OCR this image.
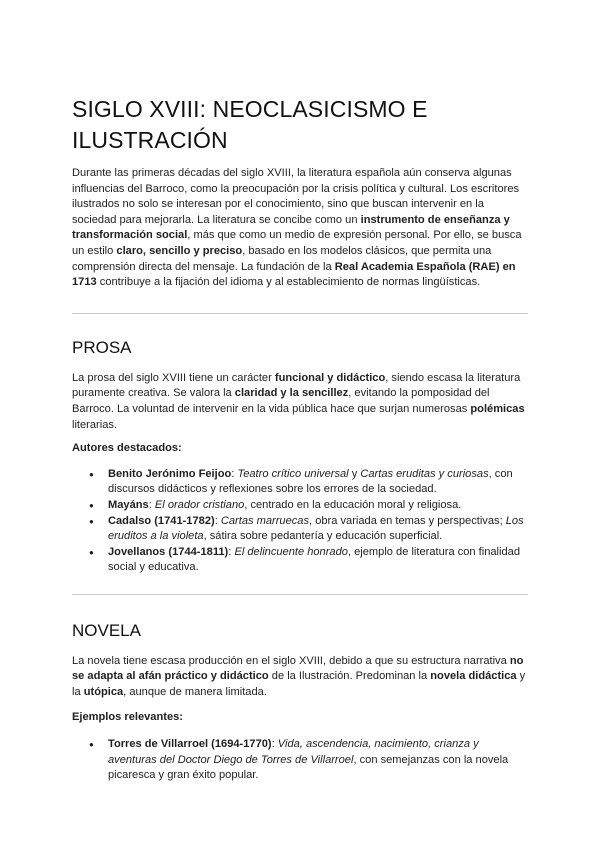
SIGLO XVIII: NEOCLASICISMO E
ILUSTRACIÓN

Durante las primeras décadas del siglo XVIII, la literatura española aún conserva algunas influencias del Barroco, como la preocupación por la crisis política y cultural. Los escritores ilustrados no solo se interesan por el conocimiento, sino que buscan intervenir en la sociedad para mejorarla. La literatura se concibe como un instrumento de enseñanza y transformación social, más que como un medio de expresión personal. Por ello, se busca un estilo claro, sencillo y preciso, basado en los modelos clásicos, que permita una comprensión directa del mensaje. La fundación de la Real Academia Española (RAE) en 1713 contribuye a la fijación del idioma y al establecimiento de normas lingüísticas.

PROSA

La prosa del siglo XVIII tiene un carácter funcional y didáctico, siendo escasa la literatura puramente creativa. Se valora la claridad y la sencillez, evitando la pomposidad del Barroco. La voluntad de intervenir en la vida pública hace que surjan numerosas polémicas literarias.

Autores destacados:

● Benito Jerónimo Feijoo: Teatro crítico universal y Cartas eruditas y curiosas, con discursos didácticos y reflexiones sobre los errores de la sociedad.
● Mayáns: El orador cristiano, centrado en la educación moral y religiosa.
● Cadalso (1741-1782): Cartas marruecas, obra variada en temas y perspectivas; Los eruditos a la violeta, sátira sobre pedantería y educación superficial.
● Jovellanos (1744-1811): El delincuente honrado, ejemplo de literatura con finalidad social y educativa.
NOVELA

La novela tiene escasa producción en el siglo XVIII, debido a que su estructura narrativa no se adapta al afán práctico y didáctico de la Ilustración. Predominan la novela didáctica y la utópica, aunque de manera limitada.

Ejemplos relevantes:

● Torres de Villarroel (1694-1770): Vida, ascendencia, nacimiento, crianza y aventuras del Doctor Diego de Torres de Villarroel, con semejanzas con la novela picaresca y gran éxito popular.
